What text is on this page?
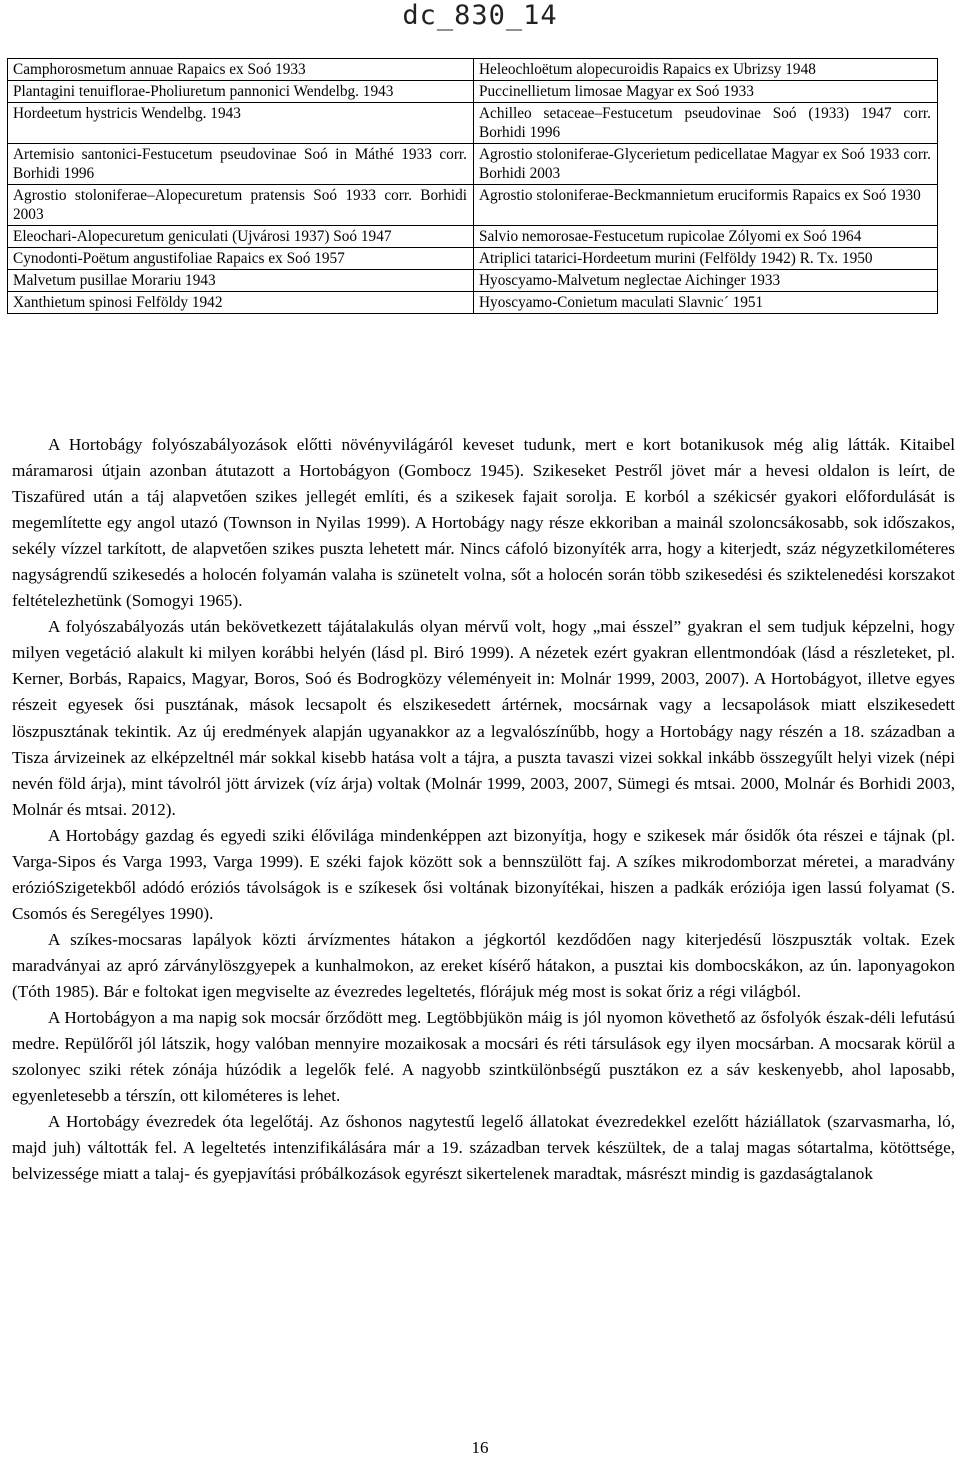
dc_830_14
Camphorosmetum annuae Rapaics ex Soó 1933	Heleochloëtum alopecuroidis Rapaics ex Ubrizsy 1948
Plantagini tenuiflorae-Pholiuretum pannonici Wendelbg. 1943	Puccinellietum limosae Magyar ex Soó 1933
Hordeetum hystricis Wendelbg. 1943	Achilleo setaceae–Festucetum pseudovinae Soó (1933) 1947 corr. Borhidi 1996
Artemisio santonici-Festucetum pseudovinae Soó in Máthé 1933 corr. Borhidi 1996	Agrostio stoloniferae-Glycerietum pedicellatae Magyar ex Soó 1933 corr. Borhidi 2003
Agrostio stoloniferae–Alopecuretum pratensis Soó 1933 corr. Borhidi 2003	Agrostio stoloniferae-Beckmannietum eruciformis Rapaics ex Soó 1930
Eleochari-Alopecuretum geniculati (Ujvárosi 1937) Soó 1947	Salvio nemorosae-Festucetum rupicolae Zólyomi ex Soó 1964
Cynodonti-Poëtum angustifoliae Rapaics ex Soó 1957	Atriplici tatarici-Hordeetum murini (Felföldy 1942) R. Tx. 1950
Malvetum pusillae Morariu 1943	Hyoscyamo-Malvetum neglectae Aichinger 1933
Xanthietum spinosi Felföldy 1942	Hyoscyamo-Conietum maculati Slavnic´ 1951

A Hortobágy folyószabályozások előtti növényvilágáról keveset tudunk, mert e kort botanikusok még alig látták. Kitaibel máramarosi útjain azonban átutazott a Hortobágyon (Gombocz 1945). Szikeseket Pestről jövet már a hevesi oldalon is leírt, de Tiszafüred után a táj alapvetően szikes jellegét említi, és a szikesek fajait sorolja. E korból a székicsér gyakori előfordulását is megemlítette egy angol utazó (Townson in Nyilas 1999). A Hortobágy nagy része ekkoriban a mainál szoloncsákosabb, sok időszakos, sekély vízzel tarkított, de alapvetően szikes puszta lehetett már. Nincs cáfoló bizonyíték arra, hogy a kiterjedt, száz négyzetkilométeres nagyságrendű szikesedés a holocén folyamán valaha is szünetelt volna, sőt a holocén során több szikesedési és sziktelenedési korszakot feltételezhetünk (Somogyi 1965).

A folyószabályozás után bekövetkezett tájátalakulás olyan mérvű volt, hogy „mai ésszel” gyakran el sem tudjuk képzelni, hogy milyen vegetáció alakult ki milyen korábbi helyén (lásd pl. Biró 1999). A nézetek ezért gyakran ellentmondóak (lásd a részleteket, pl. Kerner, Borbás, Rapaics, Magyar, Boros, Soó és Bodrogközy véleményeit in: Molnár 1999, 2003, 2007). A Hortobágyot, illetve egyes részeit egyesek ősi pusztának, mások lecsapolt és elszikesedett ártérnek, mocsárnak vagy a lecsapolások miatt elszikesedett löszpusztának tekintik. Az új eredmények alapján ugyanakkor az a legvalószínűbb, hogy a Hortobágy nagy részén a 18. században a Tisza árvizeinek az elképzeltnél már sokkal kisebb hatása volt a tájra, a puszta tavaszi vizei sokkal inkább összegyűlt helyi vizek (népi nevén föld árja), mint távolról jött árvizek (víz árja) voltak (Molnár 1999, 2003, 2007, Sümegi és mtsai. 2000, Molnár és Borhidi 2003, Molnár és mtsai. 2012).

A Hortobágy gazdag és egyedi sziki élővilága mindenképpen azt bizonyítja, hogy e szikesek már ősidők óta részei e tájnak (pl. Varga-Sipos és Varga 1993, Varga 1999). E széki fajok között sok a bennszülött faj. A szíkes mikrodomborzat méretei, a maradvány erózióSzigetekből adódó eróziós távolságok is e szíkesek ősi voltának bizonyítékai, hiszen a padkák eróziója igen lassú folyamat (S. Csomós és Seregélyes 1990).

A szíkes-mocsaras lapályok közti árvízmentes hátakon a jégkortól kezdődően nagy kiterjedésű löszpuszták voltak. Ezek maradványai az apró zárványlöszgyepek a kunhalmokon, az ereket kísérő hátakon, a pusztai kis dombocskákon, az ún. laponyagokon (Tóth 1985). Bár e foltokat igen megviselte az évezredes legeltetés, flórájuk még most is sokat őriz a régi világból.

A Hortobágyon a ma napig sok mocsár őrződött meg. Legtöbbjükön máig is jól nyomon követhető az ősfolyók észak-déli lefutású medre. Repülőről jól látszik, hogy valóban mennyire mozaikosak a mocsári és réti társulások egy ilyen mocsárban. A mocsarak körül a szolonyec sziki rétek zónája húzódik a legelők felé. A nagyobb szintkülönbségű pusztákon ez a sáv keskenyebb, ahol laposabb, egyenletesebb a térszín, ott kilométeres is lehet.

A Hortobágy évezredek óta legelőtáj. Az őshonos nagytestű legelő állatokat évezredekkel ezelőtt háziállatok (szarvasmarha, ló, majd juh) váltották fel. A legeltetés intenzifikálására már a 19. században tervek készültek, de a talaj magas sótartalma, kötöttsége, belvizessége miatt a talaj- és gyepjavítási próbálkozások egyrészt sikertelenek maradtak, másrészt mindig is gazdaságtalanok

16
